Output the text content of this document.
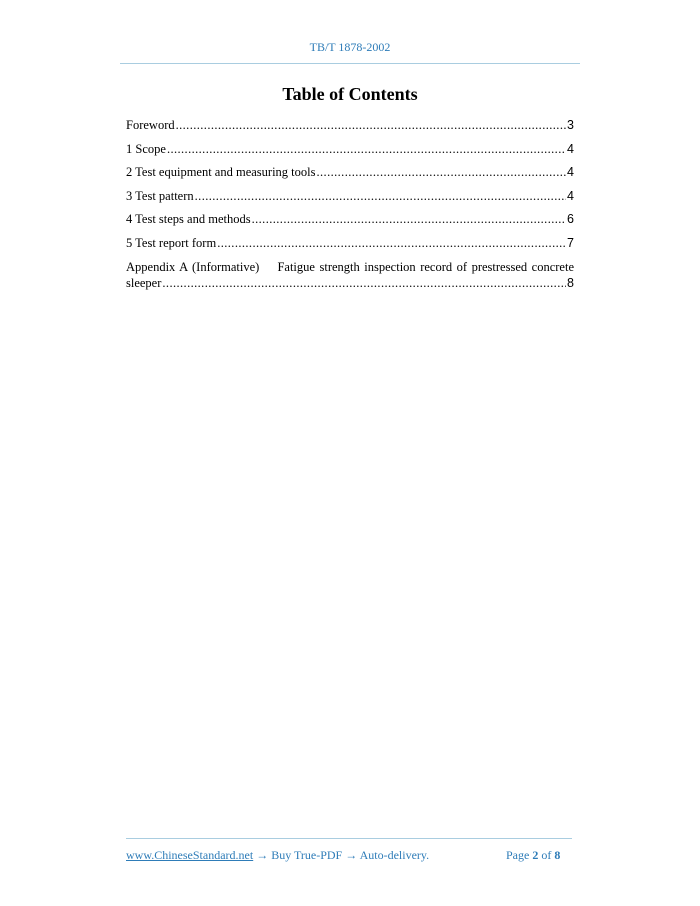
TB/T 1878-2002
Table of Contents
Foreword .....	3
1 Scope .....	4
2 Test equipment and measuring tools .....	4
3 Test pattern .....	4
4 Test steps and methods .....	6
5 Test report form .....	7
Appendix A (Informative)    Fatigue strength inspection record of prestressed concrete
sleeper .....	8
www.ChineseStandard.net → Buy True-PDF → Auto-delivery.	Page 2 of 8
